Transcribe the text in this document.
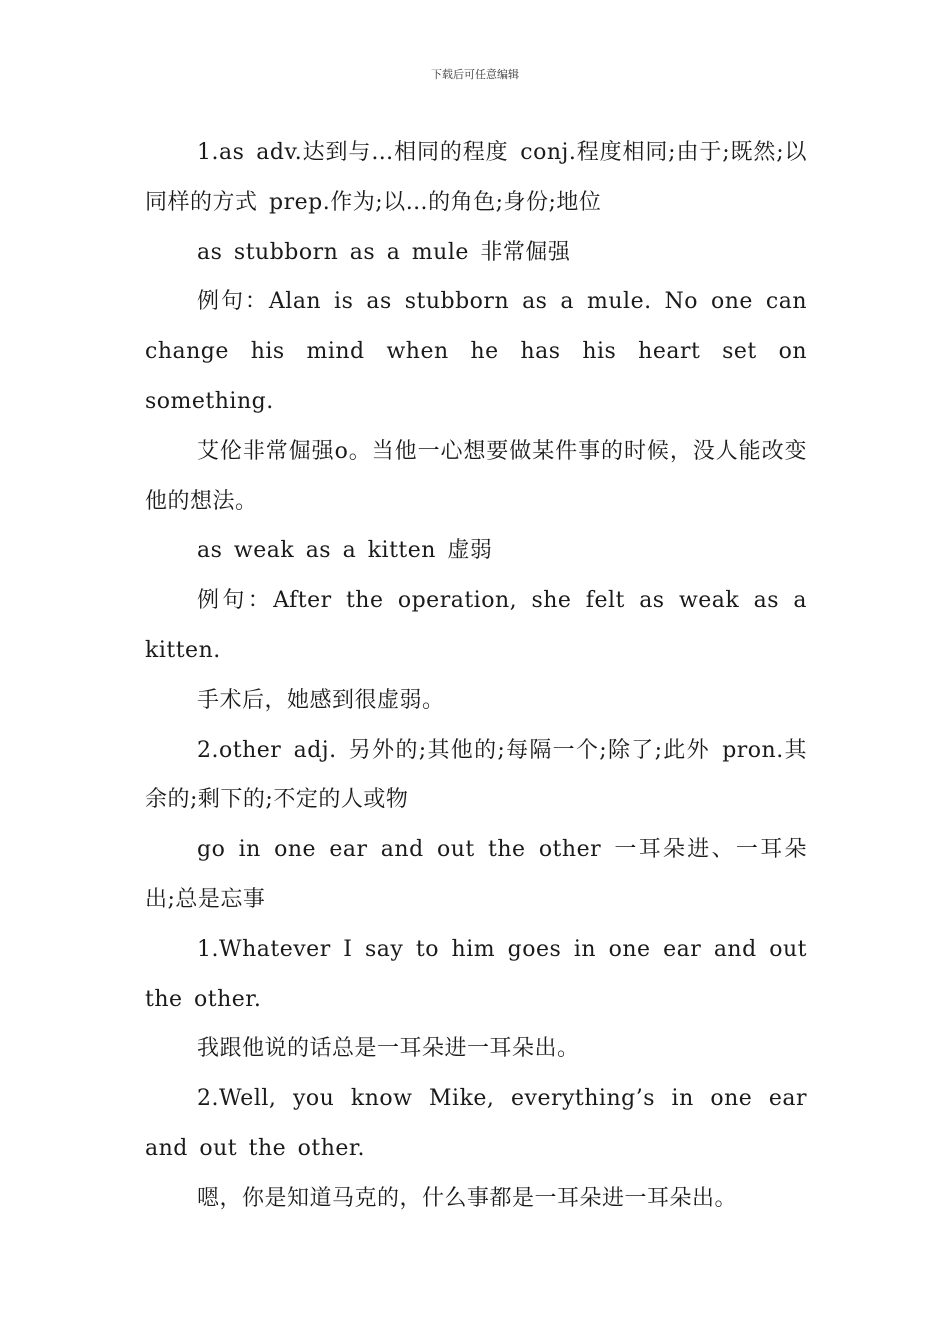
下载后可任意编辑

1.as adv.达到与…相同的程度 conj.程度相同;由于;既然;以同样的方式 prep.作为;以…的角色;身份;地位

as stubborn as a mule 非常倔强

例句：Alan is as stubborn as a mule. No one can change his mind when he has his heart set on something.

艾伦非常倔强o。当他一心想要做某件事的时候，没人能改变他的想法。

as weak as a kitten 虚弱

例句：After the operation, she felt as weak as a kitten.

手术后，她感到很虚弱。

2.other adj. 另外的;其他的;每隔一个;除了;此外 pron.其余的;剩下的;不定的人或物

go in one ear and out the other 一耳朵进、一耳朵出;总是忘事

1.Whatever I say to him goes in one ear and out the other.

我跟他说的话总是一耳朵进一耳朵出。

2.Well, you know Mike, everything’s in one ear and out the other.

嗯，你是知道马克的，什么事都是一耳朵进一耳朵出。
